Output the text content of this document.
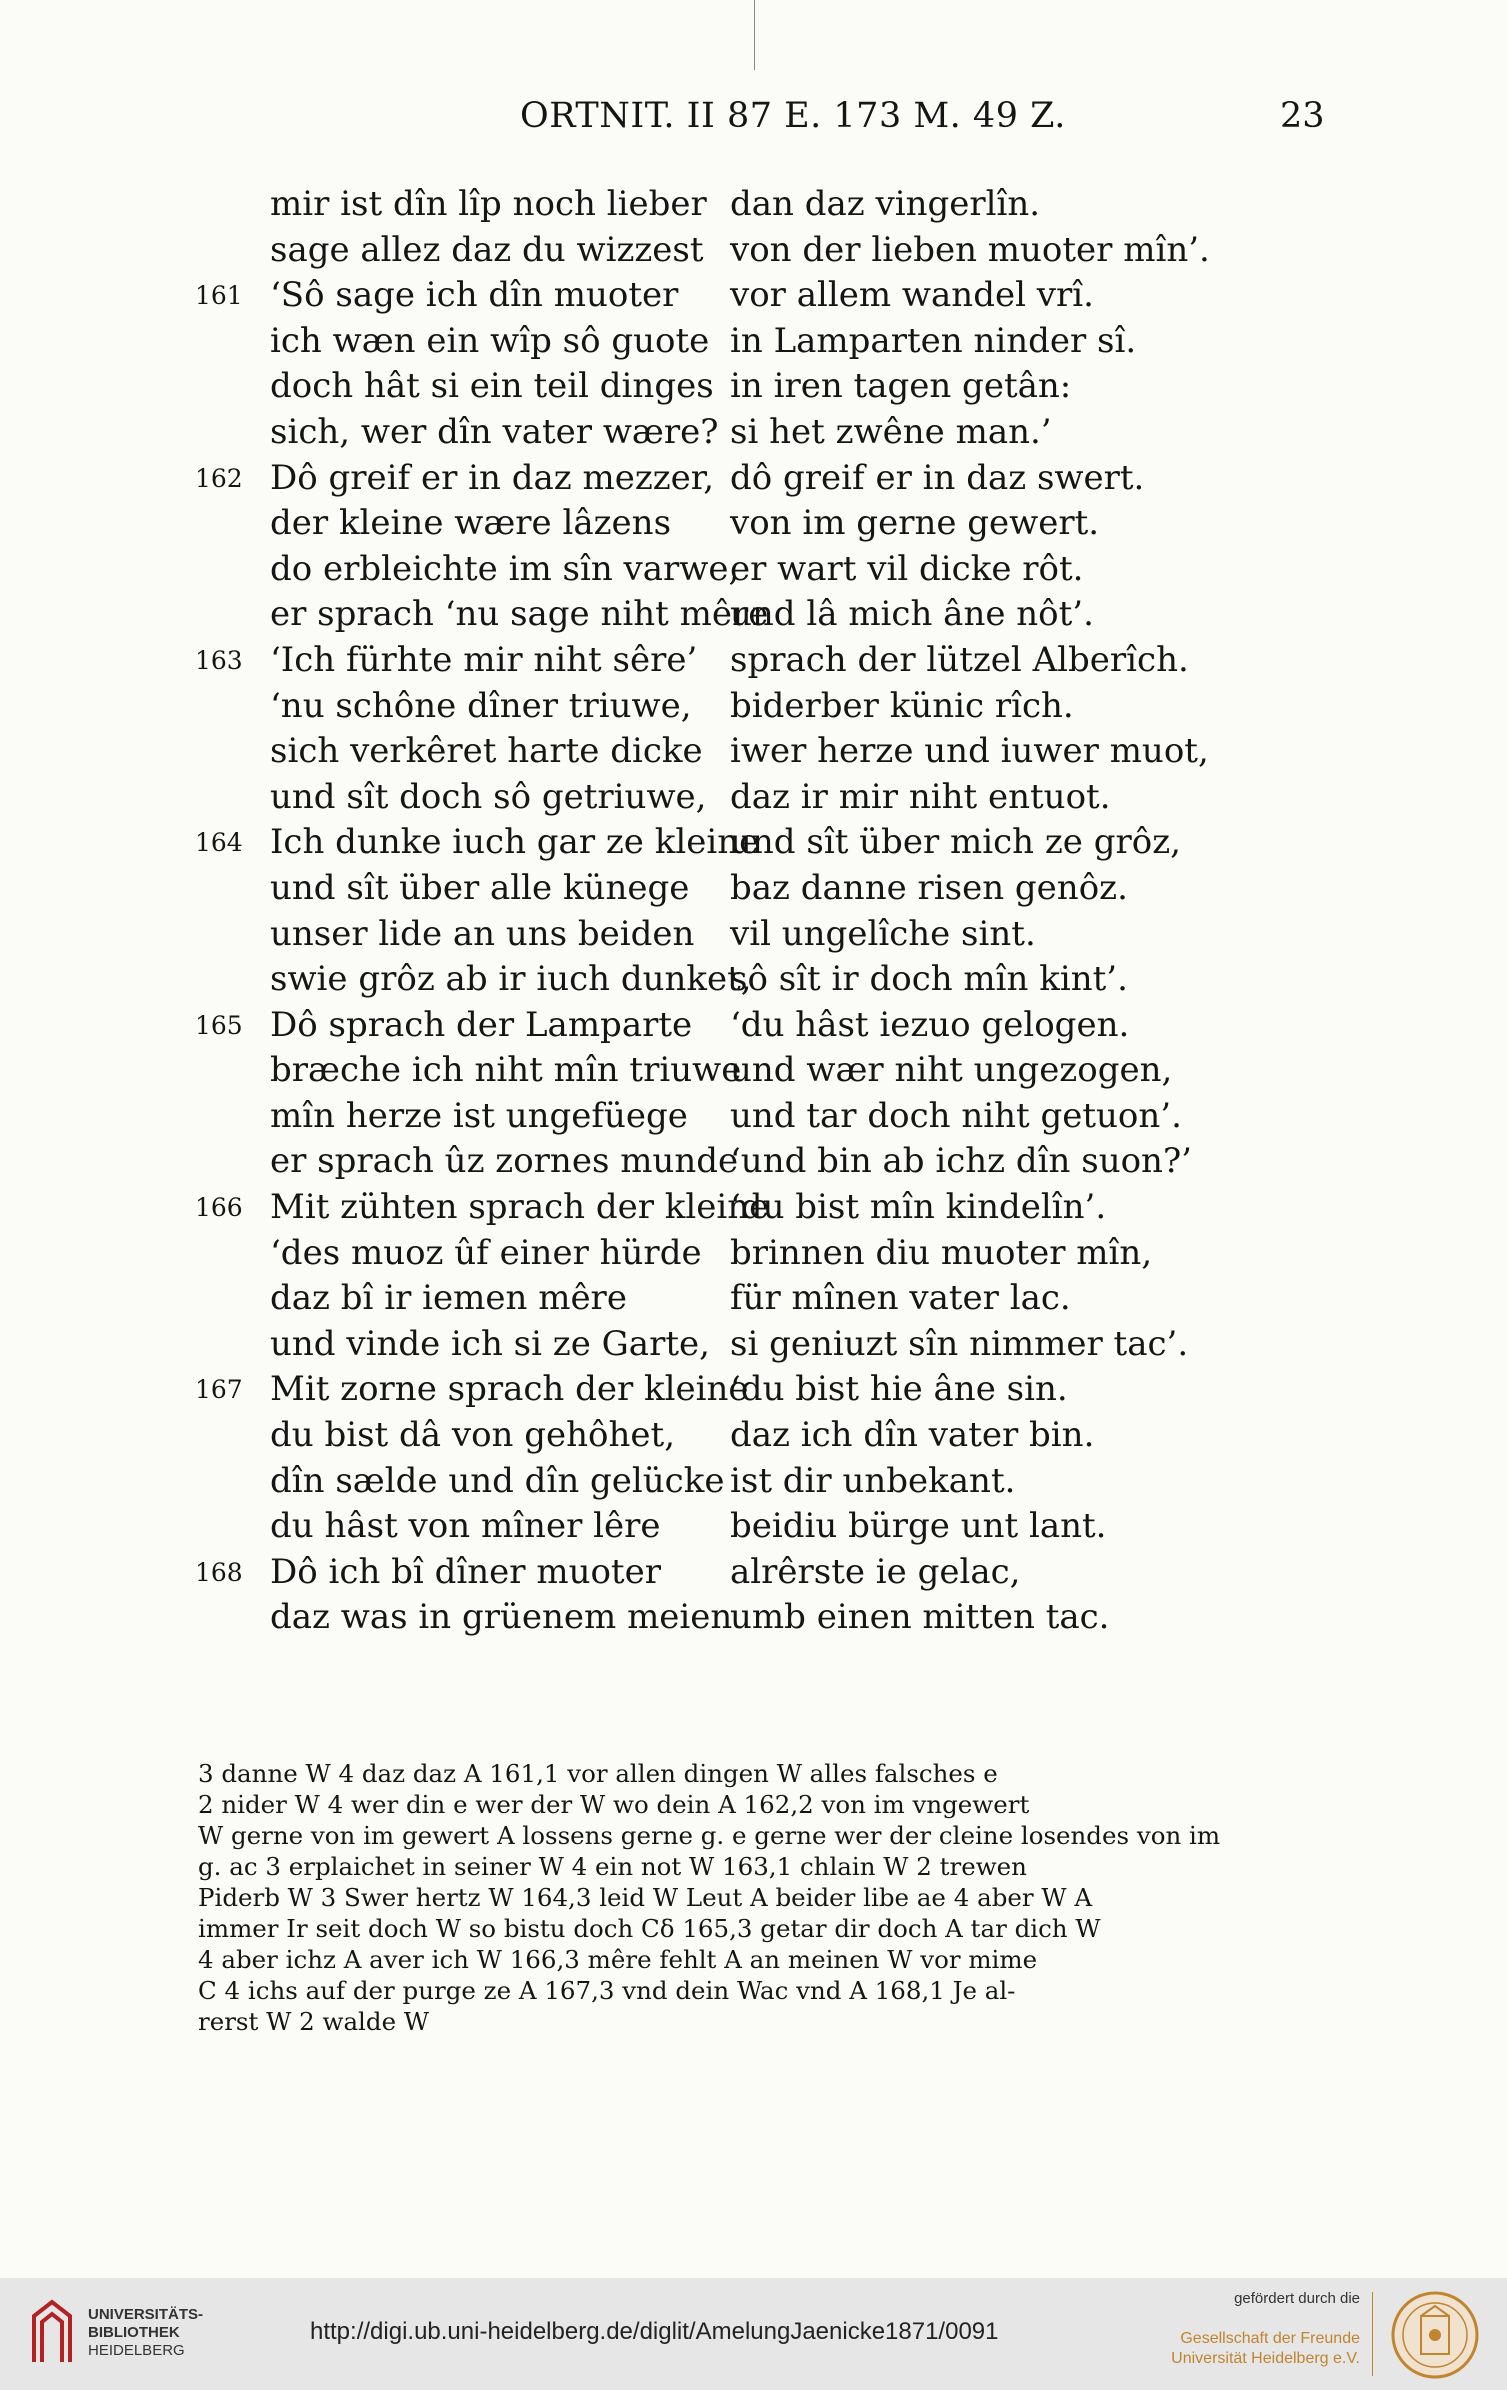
ORTNIT. II 87 E. 173 M. 49 Z.	23
mir ist dîn lîp noch lieber dan daz vingerlîn.
sage allez daz du wizzest von der lieben muoter mîn’.
161 ‘Sô sage ich dîn muoter vor allem wandel vrî.
ich wæn ein wîp sô guote in Lamparten ninder sî.
doch hât si ein teil dinges in iren tagen getân:
sich, wer dîn vater wære? si het zwêne man.’
162 Dô greif er in daz mezzer, dô greif er in daz swert.
der kleine wære lâzens von im gerne gewert.
do erbleichte im sîn varwe,
er wart vil dicke rôt.
er sprach ‘nu sage niht mêre
und lâ mich âne nôt’.
163 ‘Ich fürhte mir niht sêre’ sprach der lützel Alberîch.
‘nu schône dîner triuwe, biderber künic rîch.
sich verkêret harte dicke iwer herze und iuwer muot,
und sît doch sô getriuwe, daz ir mir niht entuot.
164 Ich dunke iuch gar ze kleine
und sît über mich ze grôz,
und sît über alle künege baz danne risen genôz.
unser lide an uns beiden vil ungelîche sint.
swie grôz ab ir iuch dunket,
sô sît ir doch mîn kint’.
165 Dô sprach der Lamparte ‘du hâst iezuo gelogen.
bræche ich niht mîn triuwe
und wær niht ungezogen,
mîn herze ist ungefüege und tar doch niht getuon’.
er sprach ûz zornes munde
‘und bin ab ichz dîn suon?’
166 Mit zühten sprach der kleine
‘du bist mîn kindelîn’.
‘des muoz ûf einer hürde brinnen diu muoter mîn,
daz bî ir iemen mêre	für mînen vater lac.
und vinde ich si ze Garte, si geniuzt sîn nimmer tac’.
167 Mit zorne sprach der kleine
‘du bist hie âne sin.
du bist dâ von gehôhet, daz ich dîn vater bin.
dîn sælde und dîn gelücke ist dir unbekant.
du hâst von mîner lêre beidiu bürge unt lant.
168 Dô ich bî dîner muoter alrêrste ie gelac,
daz was in grüenem meien
umb einen mitten tac.

3 danne W 4 daz daz A 161,1 vor allen dingen W alles falsches e

2 nider W 4 wer din e wer der W wo dein A 162,2 von im vngewert

W gerne von im gewert A lossens gerne g. e gerne wer der cleine losendes von im

g. ac 3 erplaichet in seiner W 4 ein not W 163,1 chlain W 2 trewen

Piderb W 3 Swer hertz W 164,3 leid W Leut A beider libe ae 4 aber W A

immer Ir seit doch W so bistu doch Cδ 165,3 getar dir doch A tar dich W

4 aber ichz A aver ich W 166,3 mêre fehlt A an meinen W vor mime

C 4 ichs auf der purge ze A 167,3 vnd dein Wac vnd A 168,1 Je al-

rerst W 2 walde W

UNIVERSITÄTS-
BIBLIOTHEK
HEIDELBERG
http://digi.ub.uni-heidelberg.de/diglit/AmelungJaenicke1871/0091
gefördert durch die
Gesellschaft der Freunde
Universität Heidelberg e.V.
